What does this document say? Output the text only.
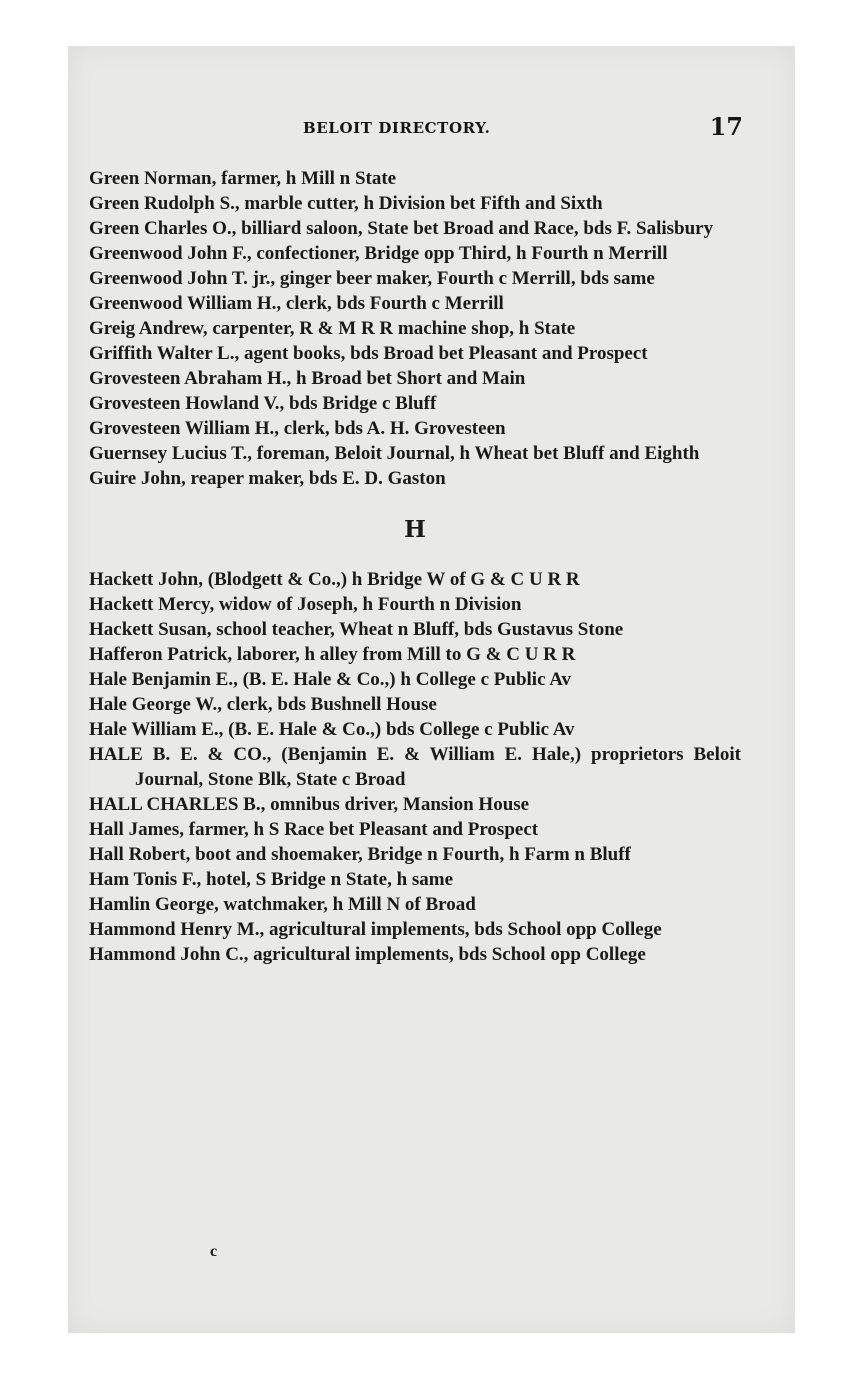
BELOIT DIRECTORY.	17

Green Norman, farmer, h Mill n State

Green Rudolph S., marble cutter, h Division bet Fifth and Sixth

Green Charles O., billiard saloon, State bet Broad and Race, bds F. Salisbury

Greenwood John F., confectioner, Bridge opp Third, h Fourth n Merrill

Greenwood John T. jr., ginger beer maker, Fourth c Merrill, bds same

Greenwood William H., clerk, bds Fourth c Merrill

Greig Andrew, carpenter, R & M R R machine shop, h State

Griffith Walter L., agent books, bds Broad bet Pleasant and Prospect

Grovesteen Abraham H., h Broad bet Short and Main

Grovesteen Howland V., bds Bridge c Bluff

Grovesteen William H., clerk, bds A. H. Grovesteen

Guernsey Lucius T., foreman, Beloit Journal, h Wheat bet Bluff and Eighth

Guire John, reaper maker, bds E. D. Gaston

H

Hackett John, (Blodgett & Co.,) h Bridge W of G & C U R R

Hackett Mercy, widow of Joseph, h Fourth n Division

Hackett Susan, school teacher, Wheat n Bluff, bds Gustavus Stone

Hafferon Patrick, laborer, h alley from Mill to G & C U R R

Hale Benjamin E., (B. E. Hale & Co.,) h College c Public Av

Hale George W., clerk, bds Bushnell House

Hale William E., (B. E. Hale & Co.,) bds College c Public Av

HALE B. E. & CO., (Benjamin E. & William E. Hale,) proprietors Beloit Journal, Stone Blk, State c Broad

HALL CHARLES B., omnibus driver, Mansion House

Hall James, farmer, h S Race bet Pleasant and Prospect

Hall Robert, boot and shoemaker, Bridge n Fourth, h Farm n Bluff

Ham Tonis F., hotel, S Bridge n State, h same

Hamlin George, watchmaker, h Mill N of Broad

Hammond Henry M., agricultural implements, bds School opp College

Hammond John C., agricultural implements, bds School opp College

c
